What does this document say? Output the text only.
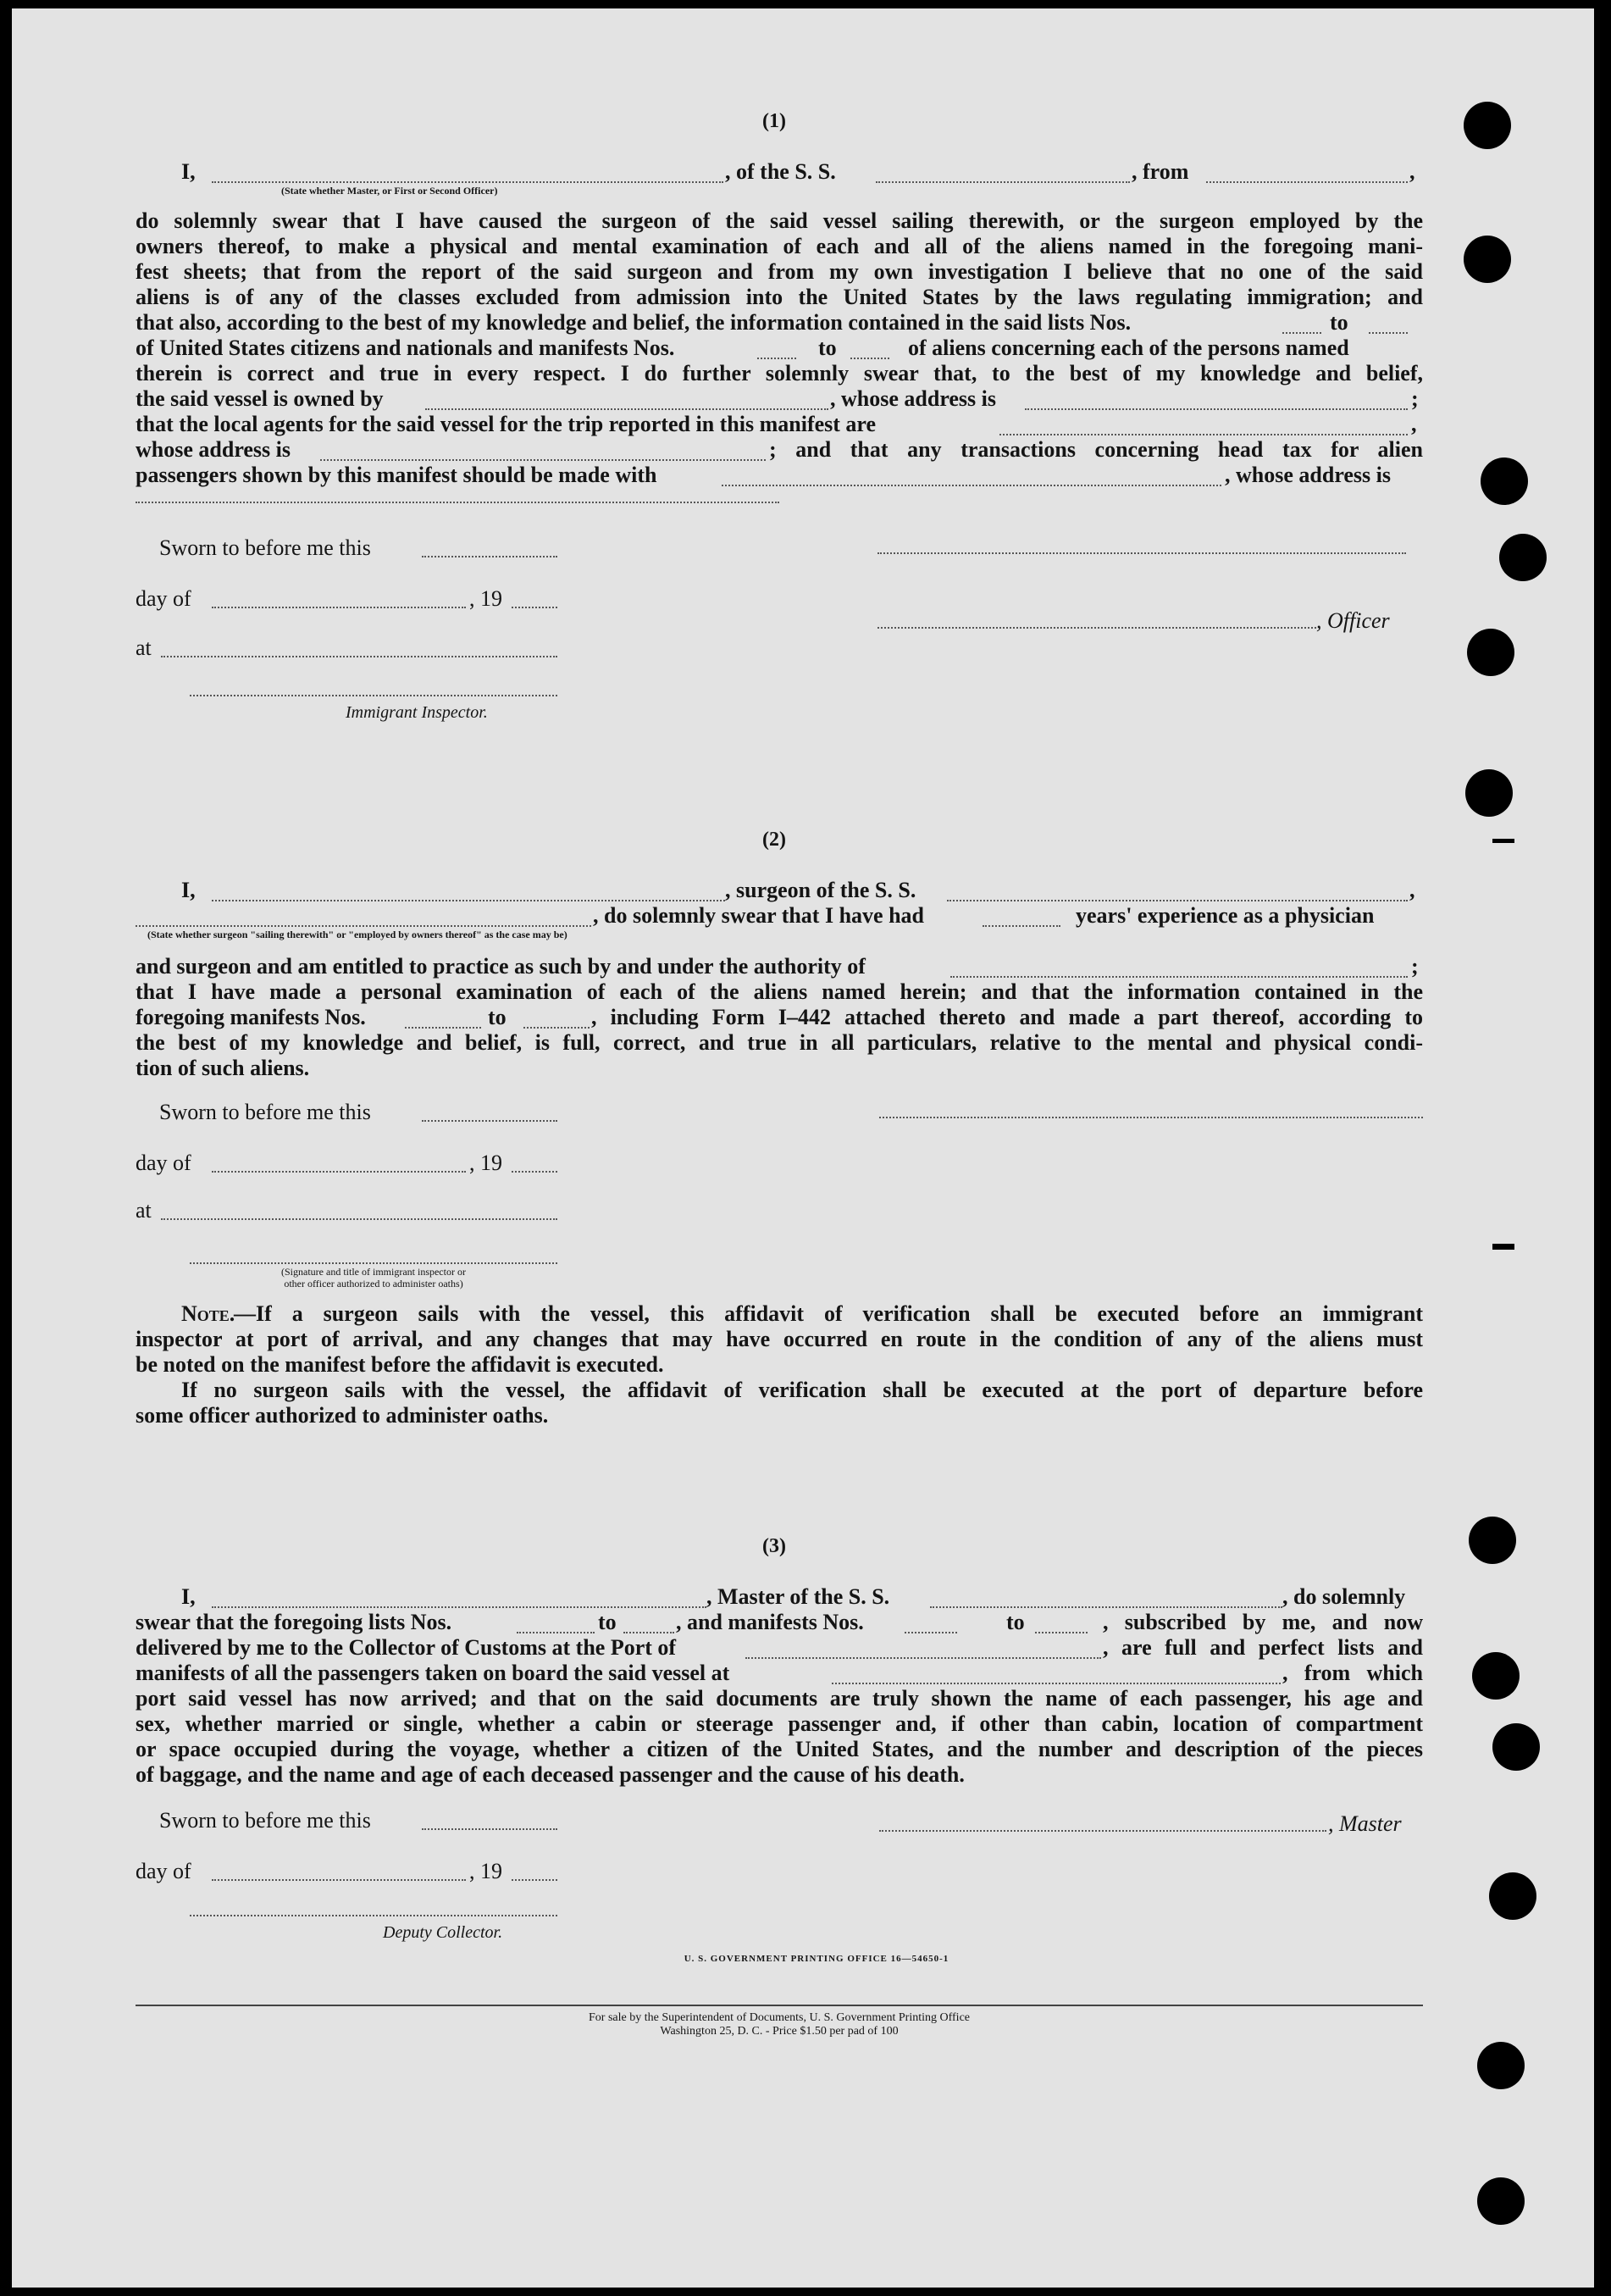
(1)
I,
(State whether Master, or First or Second Officer)
, of the S. S.	, from	,
do solemnly swear that I have caused the surgeon of the said vessel sailing therewith, or the surgeon employed by the
owners thereof, to make a physical and mental examination of each and all of the aliens named in the foregoing mani-
fest sheets; that from the report of the said surgeon and from my own investigation I believe that no one of the said
aliens is of any of the classes excluded from admission into the United States by the laws regulating immigration; and
that also, according to the best of my knowledge and belief, the information contained in the said lists Nos.	to
of United States citizens and nationals and manifests Nos.	to	of aliens concerning each of the persons named
therein is correct and true in every respect. I do further solemnly swear that, to the best of my knowledge and belief,
the said vessel is owned by	, whose address is	;
that the local agents for the said vessel for the trip reported in this manifest are	,
whose address is	; and that any transactions concerning head tax for alien
passengers shown by this manifest should be made with	, whose address is
Sworn to before me this
day of	, 19
, Officer
at
Immigrant Inspector.
(2)
I,	, surgeon of the S. S.	,
, do solemnly swear that I have had	years' experience as a physician
(State whether surgeon "sailing therewith" or "employed by owners thereof" as the case may be)
and surgeon and am entitled to practice as such by and under the authority of	;
that I have made a personal examination of each of the aliens named herein; and that the information contained in the
foregoing manifests Nos.	to	, including Form I–442 attached thereto and made a part thereof, according to
the best of my knowledge and belief, is full, correct, and true in all particulars, relative to the mental and physical condi-
tion of such aliens.
Sworn to before me this
day of	, 19
at
(Signature and title of immigrant inspector or
other officer authorized to administer oaths)
Note.
—If a surgeon sails with the vessel, this affidavit of verification shall be executed before an immigrant
inspector at port of arrival, and any changes that may have occurred en route in the condition of any of the aliens must
be noted on the manifest before the affidavit is executed.
If no surgeon sails with the vessel, the affidavit of verification shall be executed at the port of departure before
some officer authorized to administer oaths.
(3)
I,	, Master of the S. S.	, do solemnly
swear that the foregoing lists Nos.	to	, and manifests Nos.	to	, subscribed by me, and now
delivered by me to the Collector of Customs at the Port of	, are full and perfect lists and
manifests of all the passengers taken on board the said vessel at	, from which
port said vessel has now arrived; and that on the said documents are truly shown the name of each passenger, his age and
sex, whether married or single, whether a cabin or steerage passenger and, if other than cabin, location of compartment
or space occupied during the voyage, whether a citizen of the United States, and the number and description of the pieces
of baggage, and the name and age of each deceased passenger and the cause of his death.
Sworn to before me this	, Master
day of	, 19
Deputy Collector.
U. S. GOVERNMENT PRINTING OFFICE 16—54650-1
For sale by the Superintendent of Documents, U. S. Government Printing Office
Washington 25, D. C. - Price $1.50 per pad of 100
